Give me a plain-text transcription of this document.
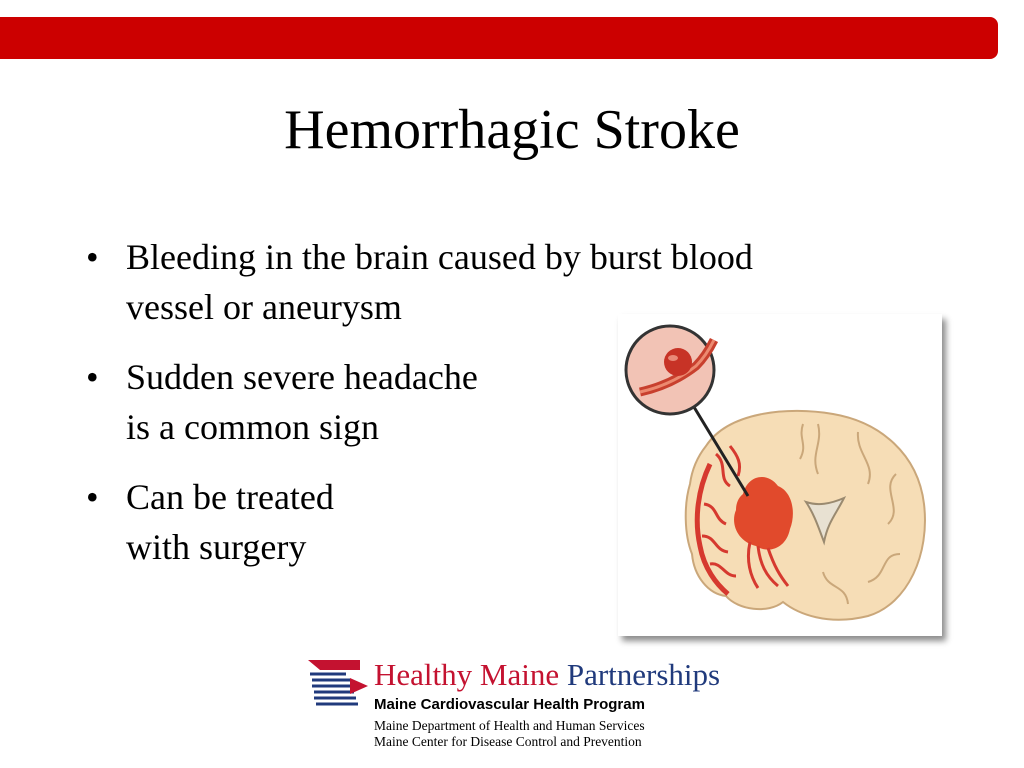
Hemorrhagic Stroke
• Bleeding in the brain caused by burst blood
vessel or aneurysm
• Sudden severe headache
is a common sign
• Can be treated
with surgery
Healthy Maine Partnerships
Maine Cardiovascular Health Program
Maine Department of Health and Human Services
Maine Center for Disease Control and Prevention
